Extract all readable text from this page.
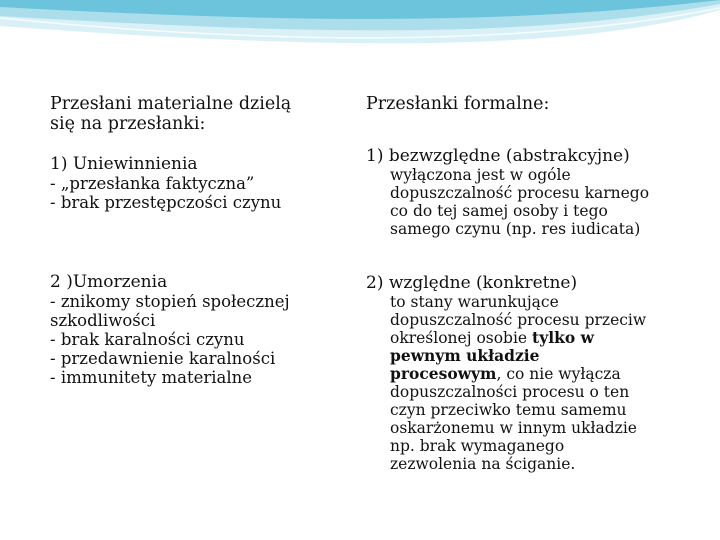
Przesłani materialne dzielą
się na przesłanki:
1) Uniewinnienia
- „przesłanka faktyczna”
- brak przestępczości czynu
2 )Umorzenia
- znikomy stopień społecznej
szkodliwości
- brak karalności czynu
- przedawnienie karalności
- immunitety materialne
Przesłanki formalne:
1) bezwzględne (abstrakcyjne)
wyłączona jest w ogóle
dopuszczalność procesu karnego
co do tej samej osoby i tego
samego czynu (np. res iudicata)
2) względne (konkretne)
to stany warunkujące
dopuszczalność procesu przeciw
określonej osobie tylko w
pewnym układzie
procesowym, co nie wyłącza
dopuszczalności procesu o ten
czyn przeciwko temu samemu
oskarżonemu w innym układzie
np. brak wymaganego
zezwolenia na ściganie.
